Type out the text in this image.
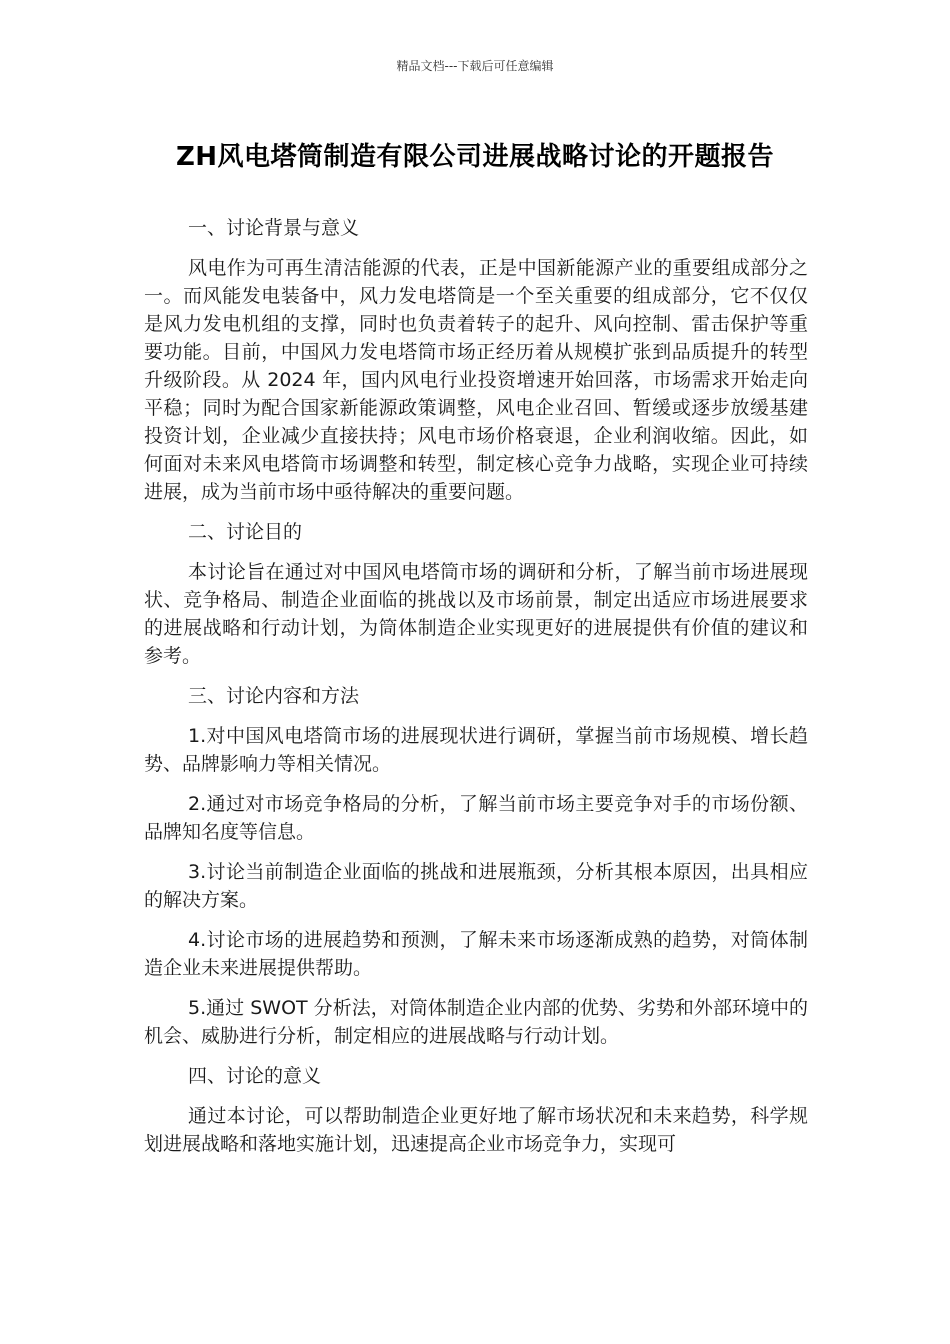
精品文档---下载后可任意编辑
ZH风电塔筒制造有限公司进展战略讨论的开题报告

一、讨论背景与意义

风电作为可再生清洁能源的代表，正是中国新能源产业的重要组成部分之一。而风能发电装备中，风力发电塔筒是一个至关重要的组成部分，它不仅仅是风力发电机组的支撑，同时也负责着转子的起升、风向控制、雷击保护等重要功能。目前，中国风力发电塔筒市场正经历着从规模扩张到品质提升的转型升级阶段。从 2024 年，国内风电行业投资增速开始回落，市场需求开始走向平稳；同时为配合国家新能源政策调整，风电企业召回、暂缓或逐步放缓基建投资计划，企业减少直接扶持；风电市场价格衰退，企业利润收缩。因此，如何面对未来风电塔筒市场调整和转型，制定核心竞争力战略，实现企业可持续进展，成为当前市场中亟待解决的重要问题。

二、讨论目的

本讨论旨在通过对中国风电塔筒市场的调研和分析，了解当前市场进展现状、竞争格局、制造企业面临的挑战以及市场前景，制定出适应市场进展要求的进展战略和行动计划，为筒体制造企业实现更好的进展提供有价值的建议和参考。

三、讨论内容和方法

1.对中国风电塔筒市场的进展现状进行调研，掌握当前市场规模、增长趋势、品牌影响力等相关情况。

2.通过对市场竞争格局的分析，了解当前市场主要竞争对手的市场份额、品牌知名度等信息。

3.讨论当前制造企业面临的挑战和进展瓶颈，分析其根本原因，出具相应的解决方案。

4.讨论市场的进展趋势和预测，了解未来市场逐渐成熟的趋势，对筒体制造企业未来进展提供帮助。

5.通过 SWOT 分析法，对筒体制造企业内部的优势、劣势和外部环境中的机会、威胁进行分析，制定相应的进展战略与行动计划。

四、讨论的意义

通过本讨论，可以帮助制造企业更好地了解市场状况和未来趋势，科学规划进展战略和落地实施计划，迅速提高企业市场竞争力，实现可
